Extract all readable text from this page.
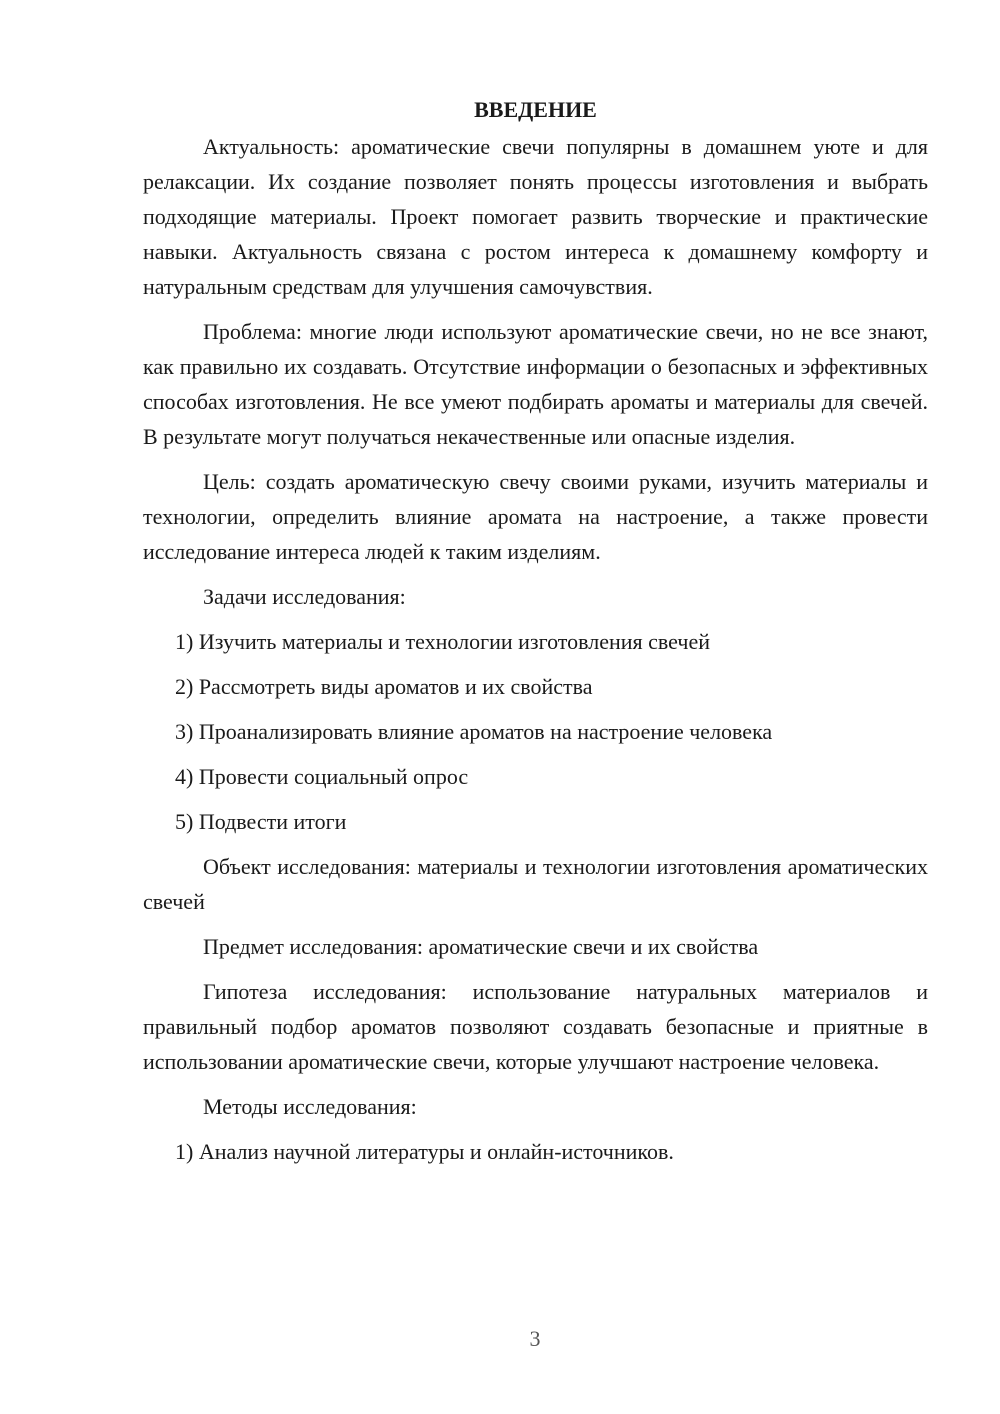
ВВЕДЕНИЕ

Актуальность: ароматические свечи популярны в домашнем уюте и для релаксации. Их создание позволяет понять процессы изготовления и выбрать подходящие материалы. Проект помогает развить творческие и практические навыки. Актуальность связана с ростом интереса к домашнему комфорту и натуральным средствам для улучшения самочувствия.

Проблема: многие люди используют ароматические свечи, но не все знают, как правильно их создавать. Отсутствие информации о безопасных и эффективных способах изготовления. Не все умеют подбирать ароматы и материалы для свечей. В результате могут получаться некачественные или опасные изделия.

Цель: создать ароматическую свечу своими руками, изучить материалы и технологии, определить влияние аромата на настроение, а также провести исследование интереса людей к таким изделиям.

Задачи исследования:

1) Изучить материалы и технологии изготовления свечей
2) Рассмотреть виды ароматов и их свойства
3) Проанализировать влияние ароматов на настроение человека
4) Провести социальный опрос
5) Подвести итоги

Объект исследования: материалы и технологии изготовления ароматических свечей

Предмет исследования: ароматические свечи и их свойства

Гипотеза исследования: использование натуральных материалов и правильный подбор ароматов позволяют создавать безопасные и приятные в использовании ароматические свечи, которые улучшают настроение человека.

Методы исследования:

1) Анализ научной литературы и онлайн-источников.
3
